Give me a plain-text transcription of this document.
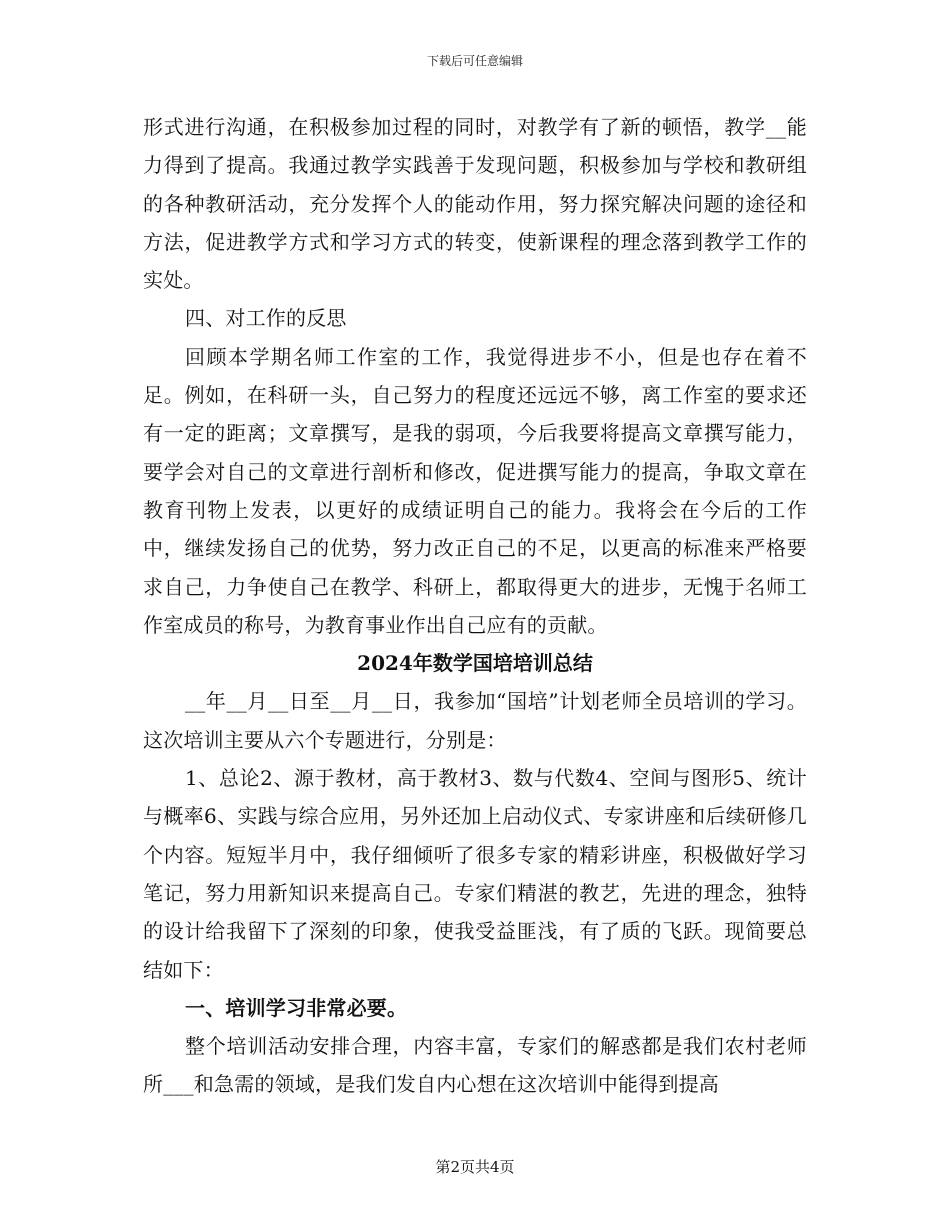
下载后可任意编辑

形式进行沟通，在积极参加过程的同时，对教学有了新的顿悟，教学__能力得到了提高。我通过教学实践善于发现问题，积极参加与学校和教研组的各种教研活动，充分发挥个人的能动作用，努力探究解决问题的途径和方法，促进教学方式和学习方式的转变，使新课程的理念落到教学工作的实处。

四、对工作的反思

回顾本学期名师工作室的工作，我觉得进步不小，但是也存在着不足。例如，在科研一头，自己努力的程度还远远不够，离工作室的要求还有一定的距离；文章撰写，是我的弱项，今后我要将提高文章撰写能力，要学会对自己的文章进行剖析和修改，促进撰写能力的提高，争取文章在教育刊物上发表，以更好的成绩证明自己的能力。我将会在今后的工作中，继续发扬自己的优势，努力改正自己的不足，以更高的标准来严格要求自己，力争使自己在教学、科研上，都取得更大的进步，无愧于名师工作室成员的称号，为教育事业作出自己应有的贡献。

2024年数学国培培训总结

__年__月__日至__月__日，我参加“国培”计划老师全员培训的学习。这次培训主要从六个专题进行，分别是：

1、总论2、源于教材，高于教材3、数与代数4、空间与图形5、统计与概率6、实践与综合应用，另外还加上启动仪式、专家讲座和后续研修几个内容。短短半月中，我仔细倾听了很多专家的精彩讲座，积极做好学习笔记，努力用新知识来提高自己。专家们精湛的教艺，先进的理念，独特的设计给我留下了深刻的印象，使我受益匪浅，有了质的飞跃。现简要总结如下：

一、培训学习非常必要。

整个培训活动安排合理，内容丰富，专家们的解惑都是我们农村老师所___和急需的领域，是我们发自内心想在这次培训中能得到提高

第2页共4页
